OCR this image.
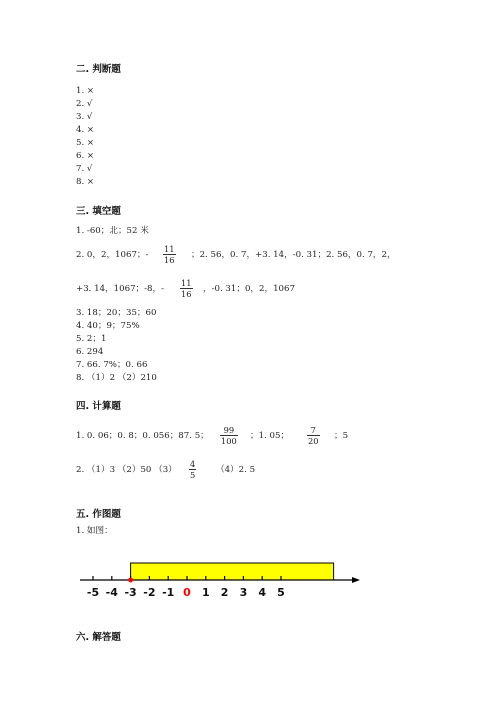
二. 判断题
1. ×
2. √
3. √
4. ×
5. ×
6. ×
7. √
8. ×
三. 填空题
1. -60；北；52 米
2. 0，2，1067；-
11
16 ；2. 56，0. 7，+3. 14，-0. 31；2. 56，0. 7，2，
+3. 14，1067；-8，-
11
16 ，-0. 31；0，2，1067
3. 18；20；35；60
4. 40；9；75%
5. 2；1
6. 294
7. 66. 7%；0. 66
8. （1）2 （2）210
四. 计算题
1. 0. 06；0. 8；0. 056；87. 5；
99
100 ；1. 05；
7
20 ；5
2. （1）3 （2）50 （3）
4
5 （4）2. 5
五. 作图题
1. 如图：
-5 -4 -3 -2 -1 0 1 2 3 4 5
六. 解答题
